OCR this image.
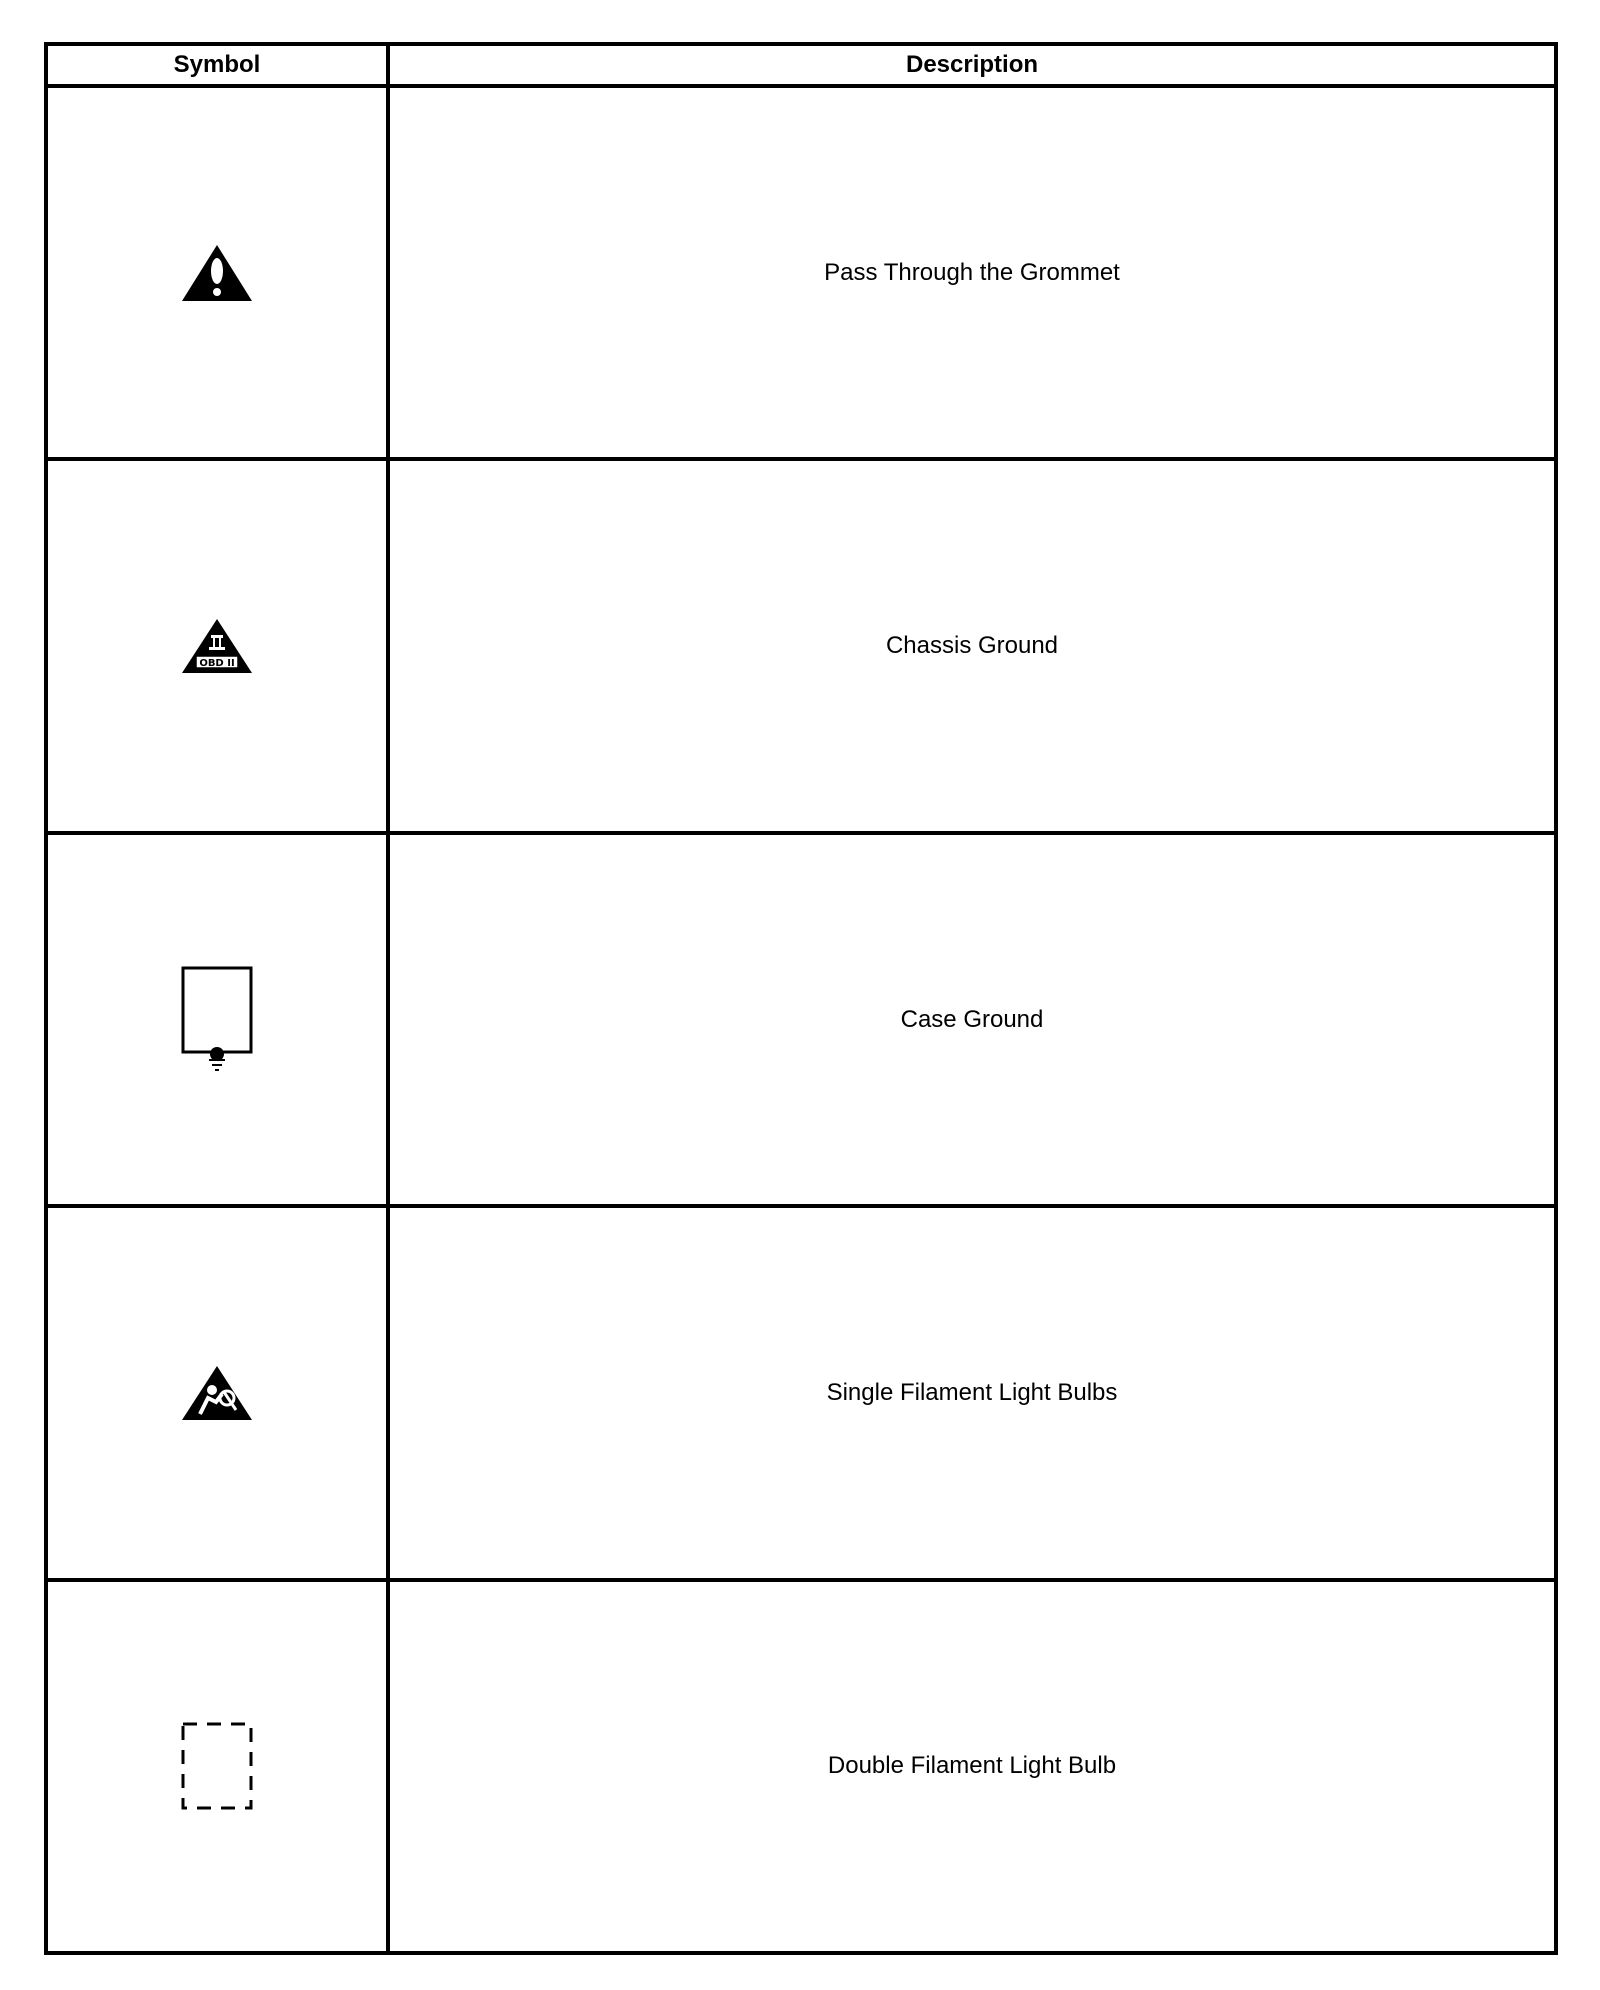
Symbol	Description
Pass Through the Grommet
OBD II
Chassis Ground
Case Ground
Single Filament Light Bulbs
Double Filament Light Bulb
